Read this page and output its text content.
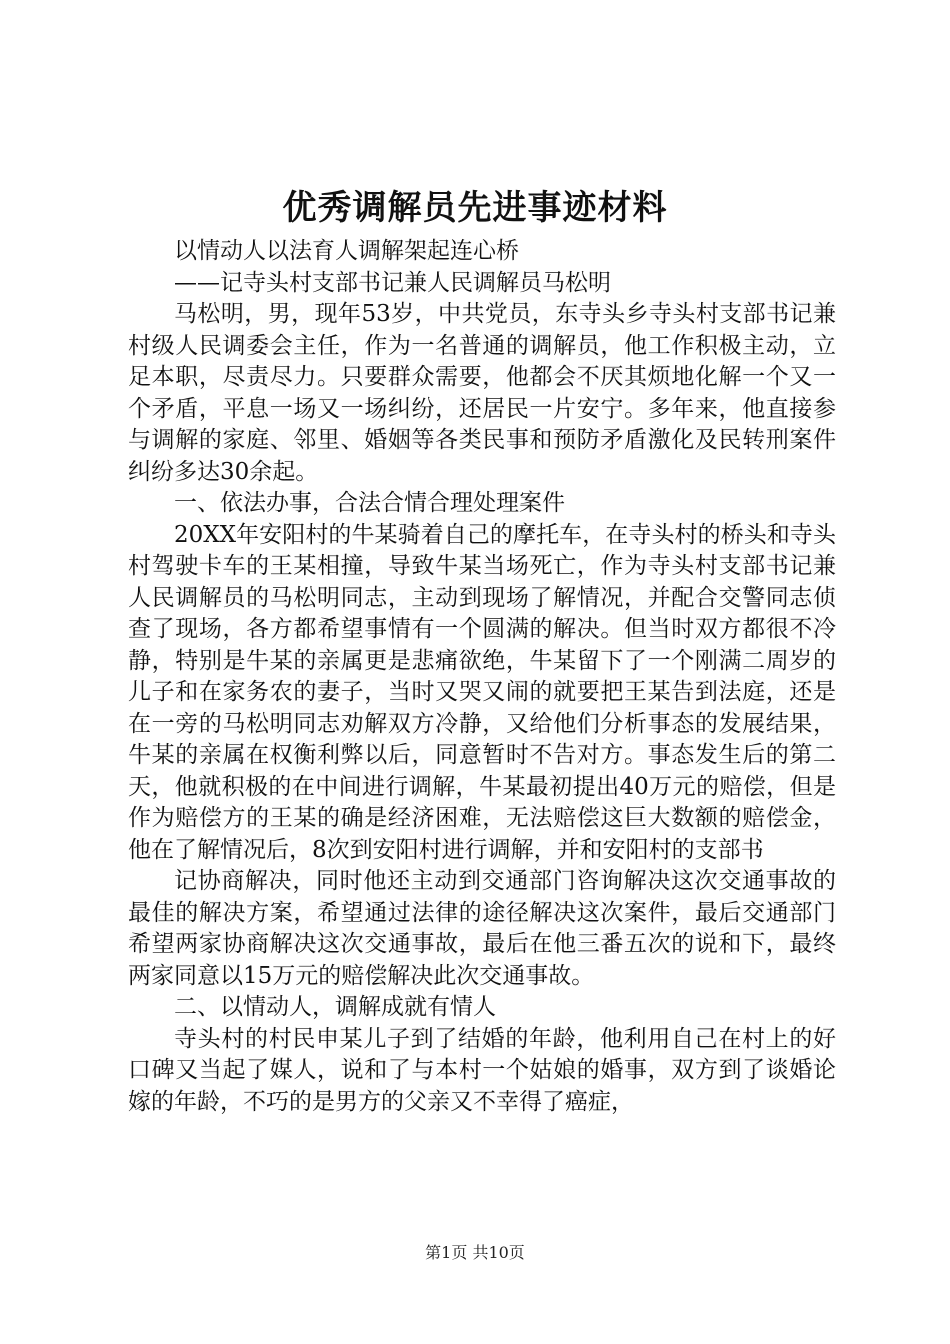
优秀调解员先进事迹材料

以情动人以法育人调解架起连心桥

——记寺头村支部书记兼人民调解员马松明

马松明，男，现年53岁，中共党员，东寺头乡寺头村支部书记兼村级人民调委会主任，作为一名普通的调解员，他工作积极主动，立足本职，尽责尽力。只要群众需要，他都会不厌其烦地化解一个又一个矛盾，平息一场又一场纠纷，还居民一片安宁。多年来，他直接参与调解的家庭、邻里、婚姻等各类民事和预防矛盾激化及民转刑案件纠纷多达30余起。

一、依法办事，合法合情合理处理案件

20XX年安阳村的牛某骑着自己的摩托车，在寺头村的桥头和寺头村驾驶卡车的王某相撞，导致牛某当场死亡，作为寺头村支部书记兼人民调解员的马松明同志，主动到现场了解情况，并配合交警同志侦查了现场，各方都希望事情有一个圆满的解决。但当时双方都很不冷静，特别是牛某的亲属更是悲痛欲绝，牛某留下了一个刚满二周岁的儿子和在家务农的妻子，当时又哭又闹的就要把王某告到法庭，还是在一旁的马松明同志劝解双方冷静，又给他们分析事态的发展结果，牛某的亲属在权衡利弊以后，同意暂时不告对方。事态发生后的第二天，他就积极的在中间进行调解，牛某最初提出40万元的赔偿，但是作为赔偿方的王某的确是经济困难，无法赔偿这巨大数额的赔偿金，他在了解情况后，8次到安阳村进行调解，并和安阳村的支部书

记协商解决，同时他还主动到交通部门咨询解决这次交通事故的最佳的解决方案，希望通过法律的途径解决这次案件，最后交通部门希望两家协商解决这次交通事故，最后在他三番五次的说和下，最终两家同意以15万元的赔偿解决此次交通事故。

二、以情动人，调解成就有情人

寺头村的村民申某儿子到了结婚的年龄，他利用自己在村上的好口碑又当起了媒人，说和了与本村一个姑娘的婚事，双方到了谈婚论嫁的年龄，不巧的是男方的父亲又不幸得了癌症，

第1页 共10页
